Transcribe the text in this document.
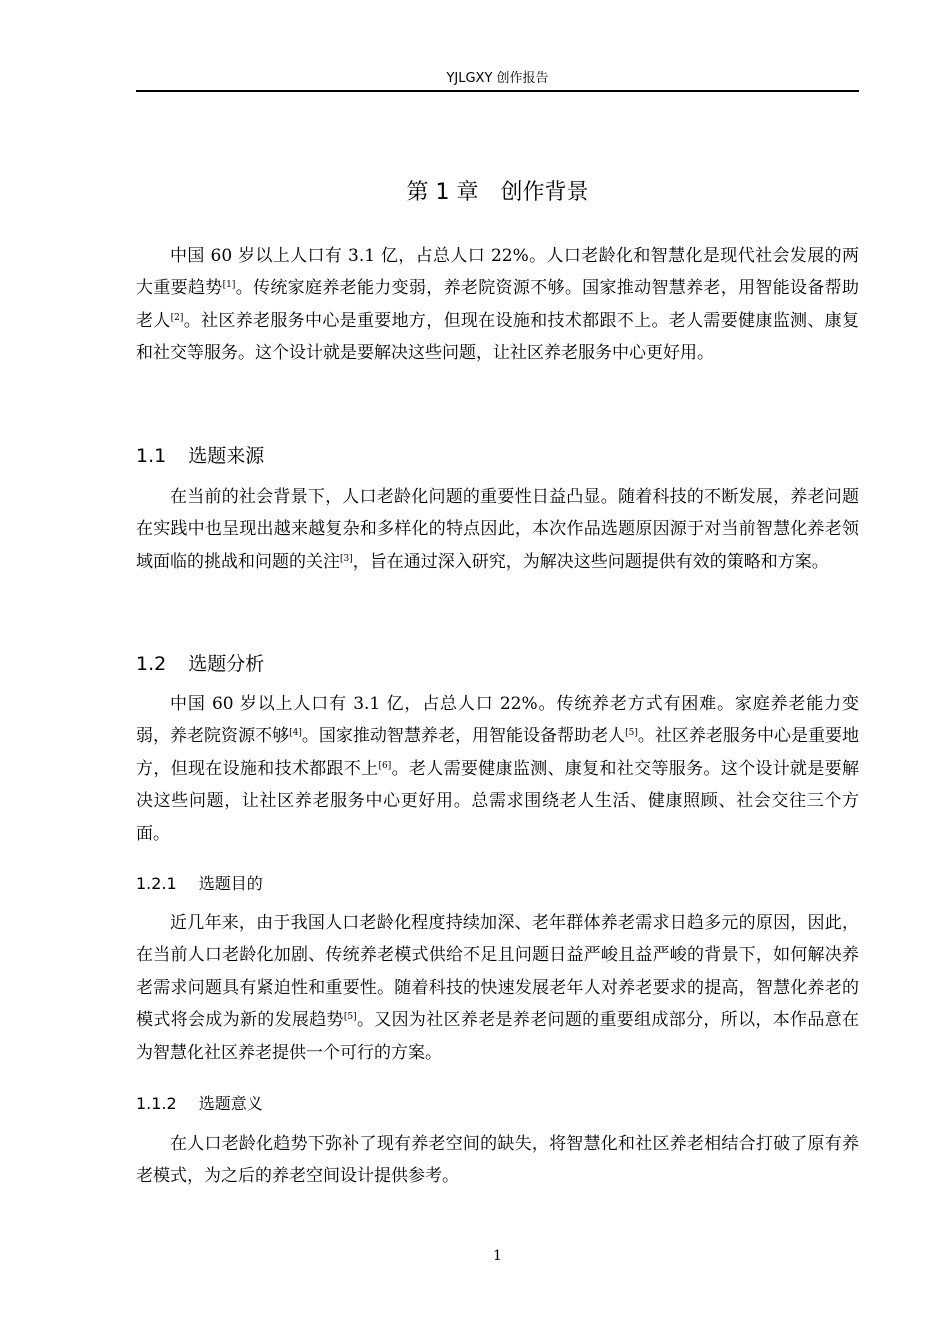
YJLGXY 创作报告
第 1 章　创作背景

中国 60 岁以上人口有 3.1 亿，占总人口 22%。人口老龄化和智慧化是现代社会发展的两大重要趋势[1]。传统家庭养老能力变弱，养老院资源不够。国家推动智慧养老，用智能设备帮助老人[2]。社区养老服务中心是重要地方，但现在设施和技术都跟不上。老人需要健康监测、康复和社交等服务。这个设计就是要解决这些问题，让社区养老服务中心更好用。

1.1 选题来源

在当前的社会背景下，人口老龄化问题的重要性日益凸显。随着科技的不断发展，养老问题在实践中也呈现出越来越复杂和多样化的特点因此，本次作品选题原因源于对当前智慧化养老领域面临的挑战和问题的关注[3]，旨在通过深入研究，为解决这些问题提供有效的策略和方案。

1.2 选题分析

中国 60 岁以上人口有 3.1 亿，占总人口 22%。传统养老方式有困难。家庭养老能力变弱，养老院资源不够[4]。国家推动智慧养老，用智能设备帮助老人[5]。社区养老服务中心是重要地方，但现在设施和技术都跟不上[6]。老人需要健康监测、康复和社交等服务。这个设计就是要解决这些问题，让社区养老服务中心更好用。总需求围绕老人生活、健康照顾、社会交往三个方面。

1.2.1 选题目的

近几年来，由于我国人口老龄化程度持续加深、老年群体养老需求日趋多元的原因，因此，在当前人口老龄化加剧、传统养老模式供给不足且问题日益严峻且益严峻的背景下，如何解决养老需求问题具有紧迫性和重要性。随着科技的快速发展老年人对养老要求的提高，智慧化养老的模式将会成为新的发展趋势[5]。又因为社区养老是养老问题的重要组成部分，所以，本作品意在为智慧化社区养老提供一个可行的方案。

1.1.2 选题意义

在人口老龄化趋势下弥补了现有养老空间的缺失，将智慧化和社区养老相结合打破了原有养老模式，为之后的养老空间设计提供参考。

1
